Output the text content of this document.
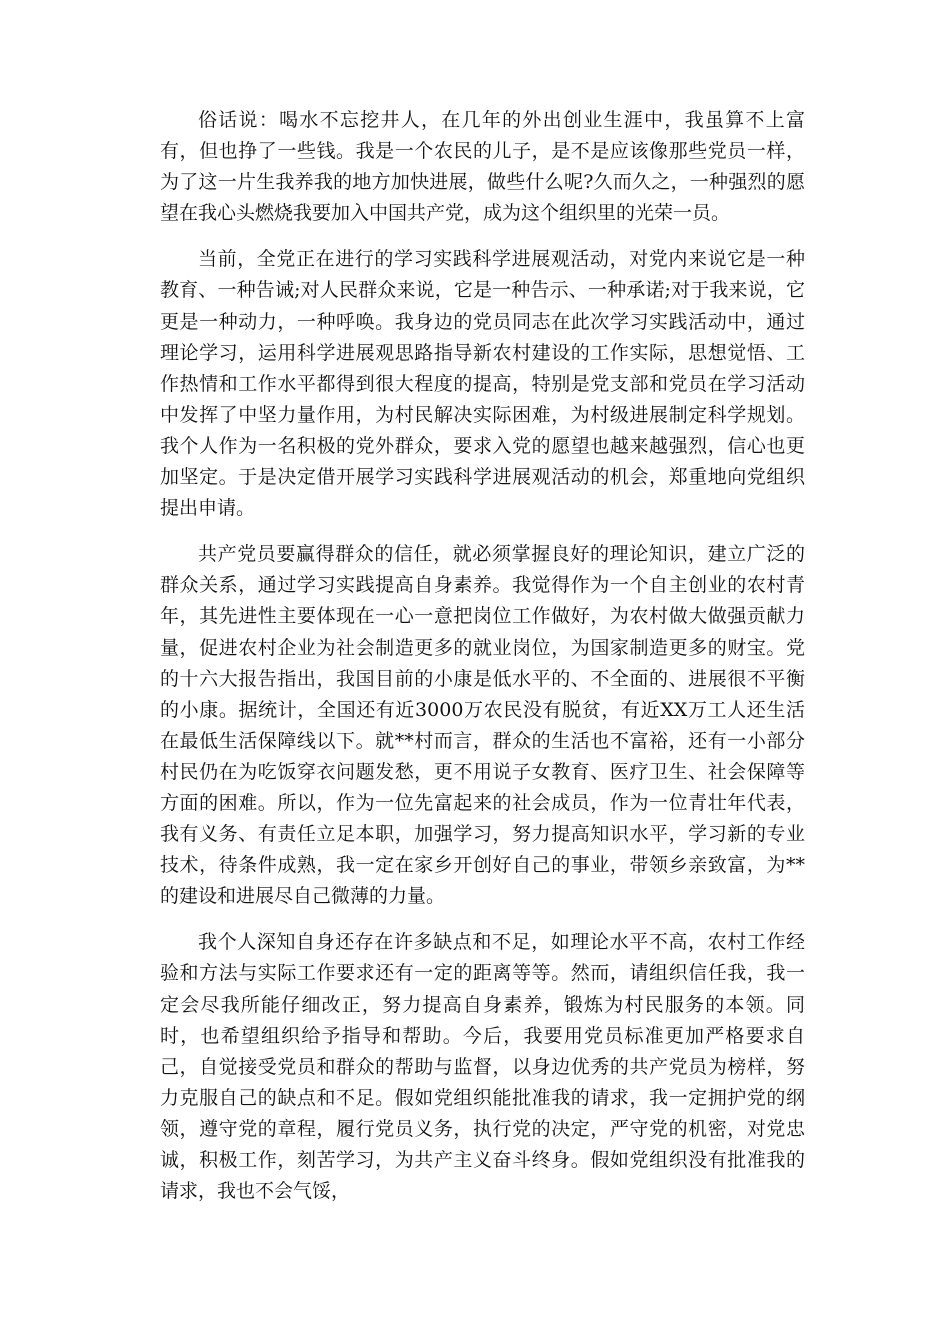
俗话说：喝水不忘挖井人，在几年的外出创业生涯中，我虽算不上富有，但也挣了一些钱。我是一个农民的儿子，是不是应该像那些党员一样，为了这一片生我养我的地方加快进展，做些什么呢?久而久之，一种强烈的愿望在我心头燃烧我要加入中国共产党，成为这个组织里的光荣一员。

当前，全党正在进行的学习实践科学进展观活动，对党内来说它是一种教育、一种告诫;对人民群众来说，它是一种告示、一种承诺;对于我来说，它更是一种动力，一种呼唤。我身边的党员同志在此次学习实践活动中，通过理论学习，运用科学进展观思路指导新农村建设的工作实际，思想觉悟、工作热情和工作水平都得到很大程度的提高，特别是党支部和党员在学习活动中发挥了中坚力量作用，为村民解决实际困难，为村级进展制定科学规划。我个人作为一名积极的党外群众，要求入党的愿望也越来越强烈，信心也更加坚定。于是决定借开展学习实践科学进展观活动的机会，郑重地向党组织提出申请。

共产党员要赢得群众的信任，就必须掌握良好的理论知识，建立广泛的群众关系，通过学习实践提高自身素养。我觉得作为一个自主创业的农村青年，其先进性主要体现在一心一意把岗位工作做好，为农村做大做强贡献力量，促进农村企业为社会制造更多的就业岗位，为国家制造更多的财宝。党的十六大报告指出，我国目前的小康是低水平的、不全面的、进展很不平衡的小康。据统计，全国还有近3000万农民没有脱贫，有近XX万工人还生活在最低生活保障线以下。就**村而言，群众的生活也不富裕，还有一小部分村民仍在为吃饭穿衣问题发愁，更不用说子女教育、医疗卫生、社会保障等方面的困难。所以，作为一位先富起来的社会成员，作为一位青壮年代表，我有义务、有责任立足本职，加强学习，努力提高知识水平，学习新的专业技术，待条件成熟，我一定在家乡开创好自己的事业，带领乡亲致富，为**的建设和进展尽自己微薄的力量。

我个人深知自身还存在许多缺点和不足，如理论水平不高，农村工作经验和方法与实际工作要求还有一定的距离等等。然而，请组织信任我，我一定会尽我所能仔细改正，努力提高自身素养，锻炼为村民服务的本领。同时，也希望组织给予指导和帮助。今后，我要用党员标准更加严格要求自己，自觉接受党员和群众的帮助与监督，以身边优秀的共产党员为榜样，努力克服自己的缺点和不足。假如党组织能批准我的请求，我一定拥护党的纲领，遵守党的章程，履行党员义务，执行党的决定，严守党的机密，对党忠诚，积极工作，刻苦学习，为共产主义奋斗终身。假如党组织没有批准我的请求，我也不会气馁，
